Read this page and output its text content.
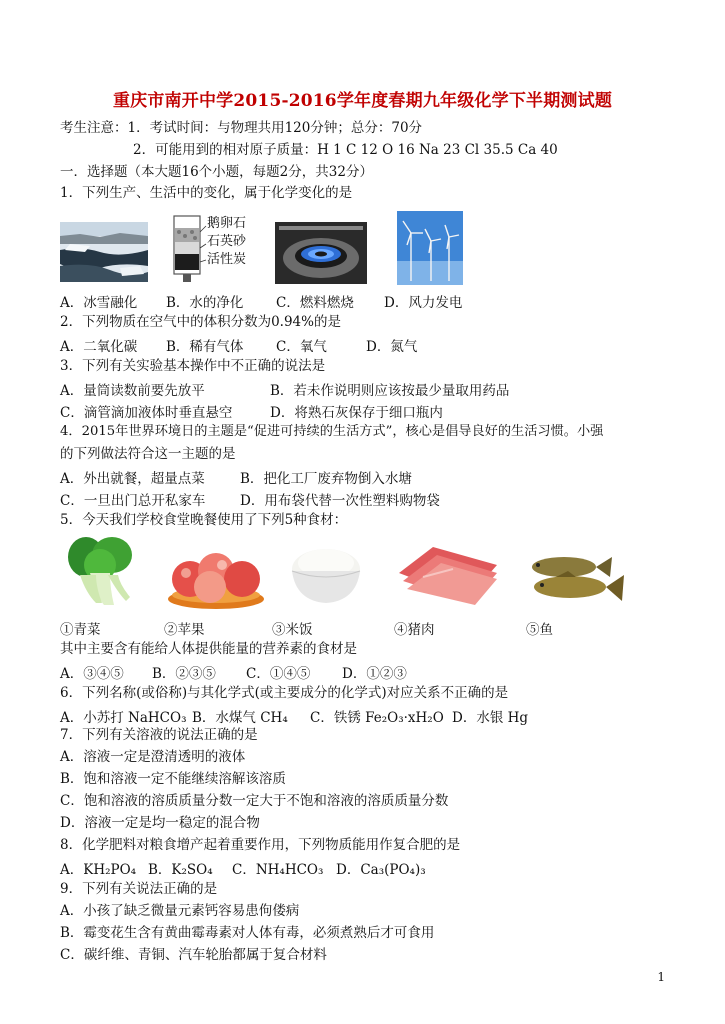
重庆市南开中学2015-2016学年度春期九年级化学下半期测试题
考生注意：1．考试时间：与物理共用120分钟；总分：70分
2．可能用到的相对原子质量：H 1 C 12 O 16 Na 23 Cl 35.5 Ca 40
一．选择题（本大题16个小题，每题2分，共32分）
1．下列生产、生活中的变化，属于化学变化的是
鹅卵石
石英砂
活性炭
A．冰雪融化 B．水的净化 C．燃料燃烧 D．风力发电
2．下列物质在空气中的体积分数为0.94%的是
A．二氧化碳 B．稀有气体 C．氧气	D．氮气
3．下列有关实验基本操作中不正确的说法是
A．量筒读数前要先放平	B．若未作说明则应该按最少量取用药品
C．滴管滴加液体时垂直悬空	D．将熟石灰保存于细口瓶内
4．2015年世界环境日的主题是“促进可持续的生活方式”，核心是倡导良好的生活习惯。小强
的下列做法符合这一主题的是
A．外出就餐，超量点菜	B．把化工厂废弃物倒入水塘
C．一旦出门总开私家车	D．用布袋代替一次性塑料购物袋
5．今天我们学校食堂晚餐使用了下列5种食材：
①青菜	②苹果	③米饭	④猪肉	⑤鱼
其中主要含有能给人体提供能量的营养素的食材是
A．③④⑤ B．②③⑤ C．①④⑤ D．①②③
6．下列名称(或俗称)与其化学式(或主要成分的化学式)对应关系不正确的是
A．小苏打 NaHCO₃ B．水煤气 CH₄ C．铁锈 Fe₂O₃·xH₂O D．水银 Hg
7．下列有关溶液的说法正确的是
A．溶液一定是澄清透明的液体
B．饱和溶液一定不能继续溶解该溶质
C．饱和溶液的溶质质量分数一定大于不饱和溶液的溶质质量分数
D．溶液一定是均一稳定的混合物
8．化学肥料对粮食增产起着重要作用，下列物质能用作复合肥的是
A．KH₂PO₄ B．K₂SO₄ C．NH₄HCO₃ D．Ca₃(PO₄)₃
9．下列有关说法正确的是
A．小孩了缺乏微量元素钙容易患佝偻病
B．霉变花生含有黄曲霉毒素对人体有毒，必须煮熟后才可食用
C．碳纤维、青铜、汽车轮胎都属于复合材料
1
